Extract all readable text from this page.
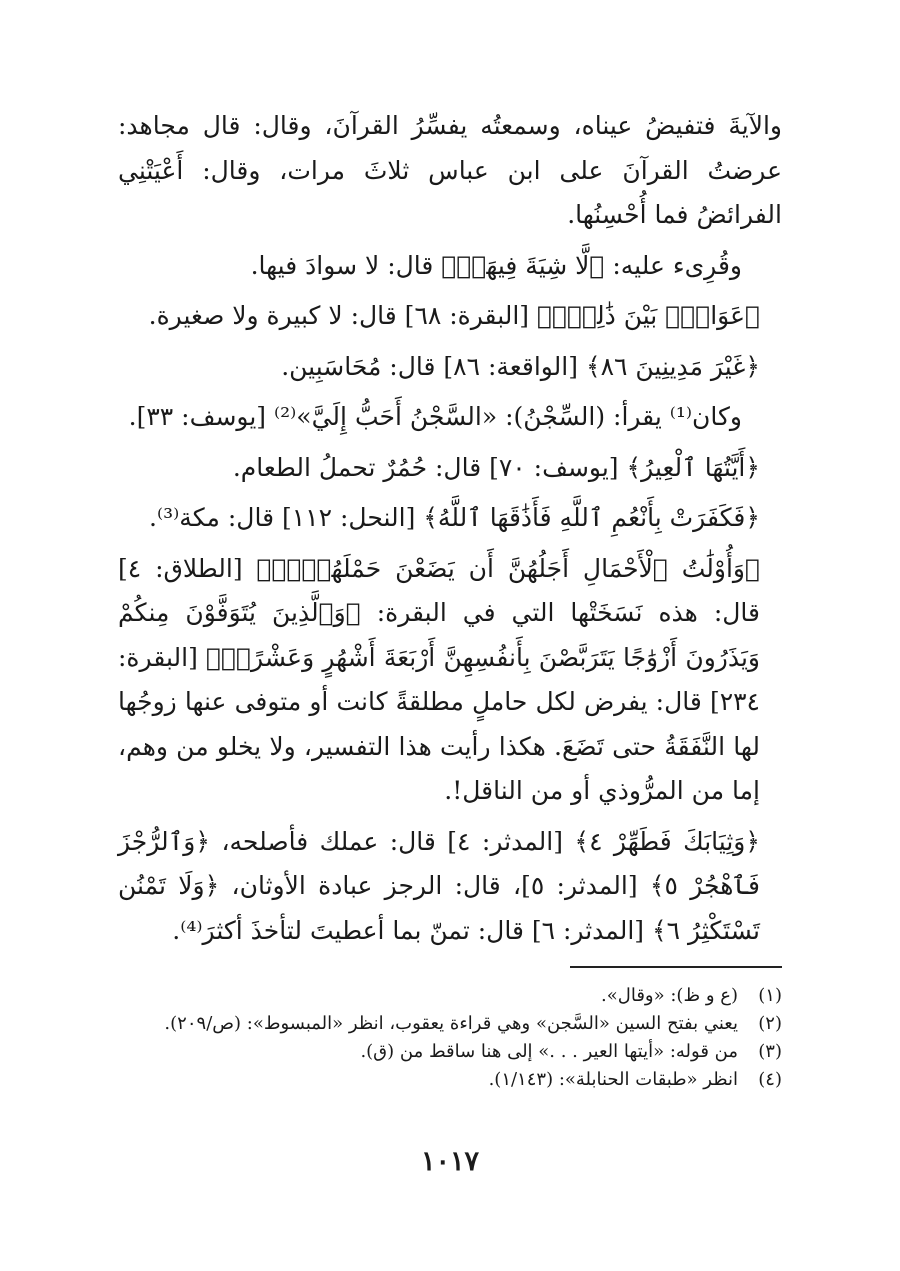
والآيةَ فتفيضُ عيناه، وسمعتُه يفسِّرُ القرآنَ، وقال: قال مجاهد: عرضتُ القرآنَ على ابن عباس ثلاثَ مرات، وقال: أَعْيَتْنِي الفرائضُ فما أُحْسِنُها.

وقُرِىء عليه: ﴿لَّا شِيَةَ فِيهَاۚ﴾ قال: لا سوادَ فيها.

﴿عَوَانُۢ بَيْنَ ذَٰلِكَۖ﴾ [البقرة: ٦٨] قال: لا كبيرة ولا صغيرة.

﴿غَيْرَ مَدِينِينَ ٨٦﴾ [الواقعة: ٨٦] قال: مُحَاسَبِين.

وكان⁽¹⁾ يقرأ: (السِّجْنُ): «السَّجْنُ أَحَبُّ إِلَيَّ»⁽²⁾ [يوسف: ٣٣].

﴿أَيَّتُهَا ٱلْعِيرُ﴾ [يوسف: ٧٠] قال: حُمُرٌ تحملُ الطعام.

﴿فَكَفَرَتْ بِأَنْعُمِ ٱللَّهِ فَأَذَٰقَهَا ٱللَّهُ﴾ [النحل: ١١٢] قال: مكة⁽³⁾.

﴿وَأُوْلَٰتُ ٱلْأَحْمَالِ أَجَلُهُنَّ أَن يَضَعْنَ حَمْلَهُنَّۚ﴾ [الطلاق: ٤] قال: هذه نَسَخَتْها التي في البقرة: ﴿وَٱلَّذِينَ يُتَوَفَّوْنَ مِنكُمْ وَيَذَرُونَ أَزْوَٰجًا يَتَرَبَّصْنَ بِأَنفُسِهِنَّ أَرْبَعَةَ أَشْهُرٍ وَعَشْرًاۖ﴾ [البقرة: ٢٣٤] قال: يفرض لكل حاملٍ مطلقةً كانت أو متوفى عنها زوجُها لها النَّفَقَةُ حتى تَضَعَ. هكذا رأيت هذا التفسير، ولا يخلو من وهم، إما من المرُّوذي أو من الناقل!.

﴿وَثِيَابَكَ فَطَهِّرْ ٤﴾ [المدثر: ٤] قال: عملك فأصلحه، ﴿وَٱلرُّجْزَ فَٱهْجُرْ ٥﴾ [المدثر: ٥]، قال: الرجز عبادة الأوثان، ﴿وَلَا تَمْنُن تَسْتَكْثِرُ ٦﴾ [المدثر: ٦] قال: تمنّ بما أعطيتَ لتأخذَ أكثرَ⁽⁴⁾.

(١)
(ع و ظ): «وقال».
(٢)
يعني بفتح السين «السَّجن» وهي قراءة يعقوب، انظر «المبسوط»: (ص/٢٠٩).
(٣)
من قوله: «أيتها العير . . .» إلى هنا ساقط من (ق).
(٤)
انظر «طبقات الحنابلة»: (١/١٤٣).
١٠١٧
